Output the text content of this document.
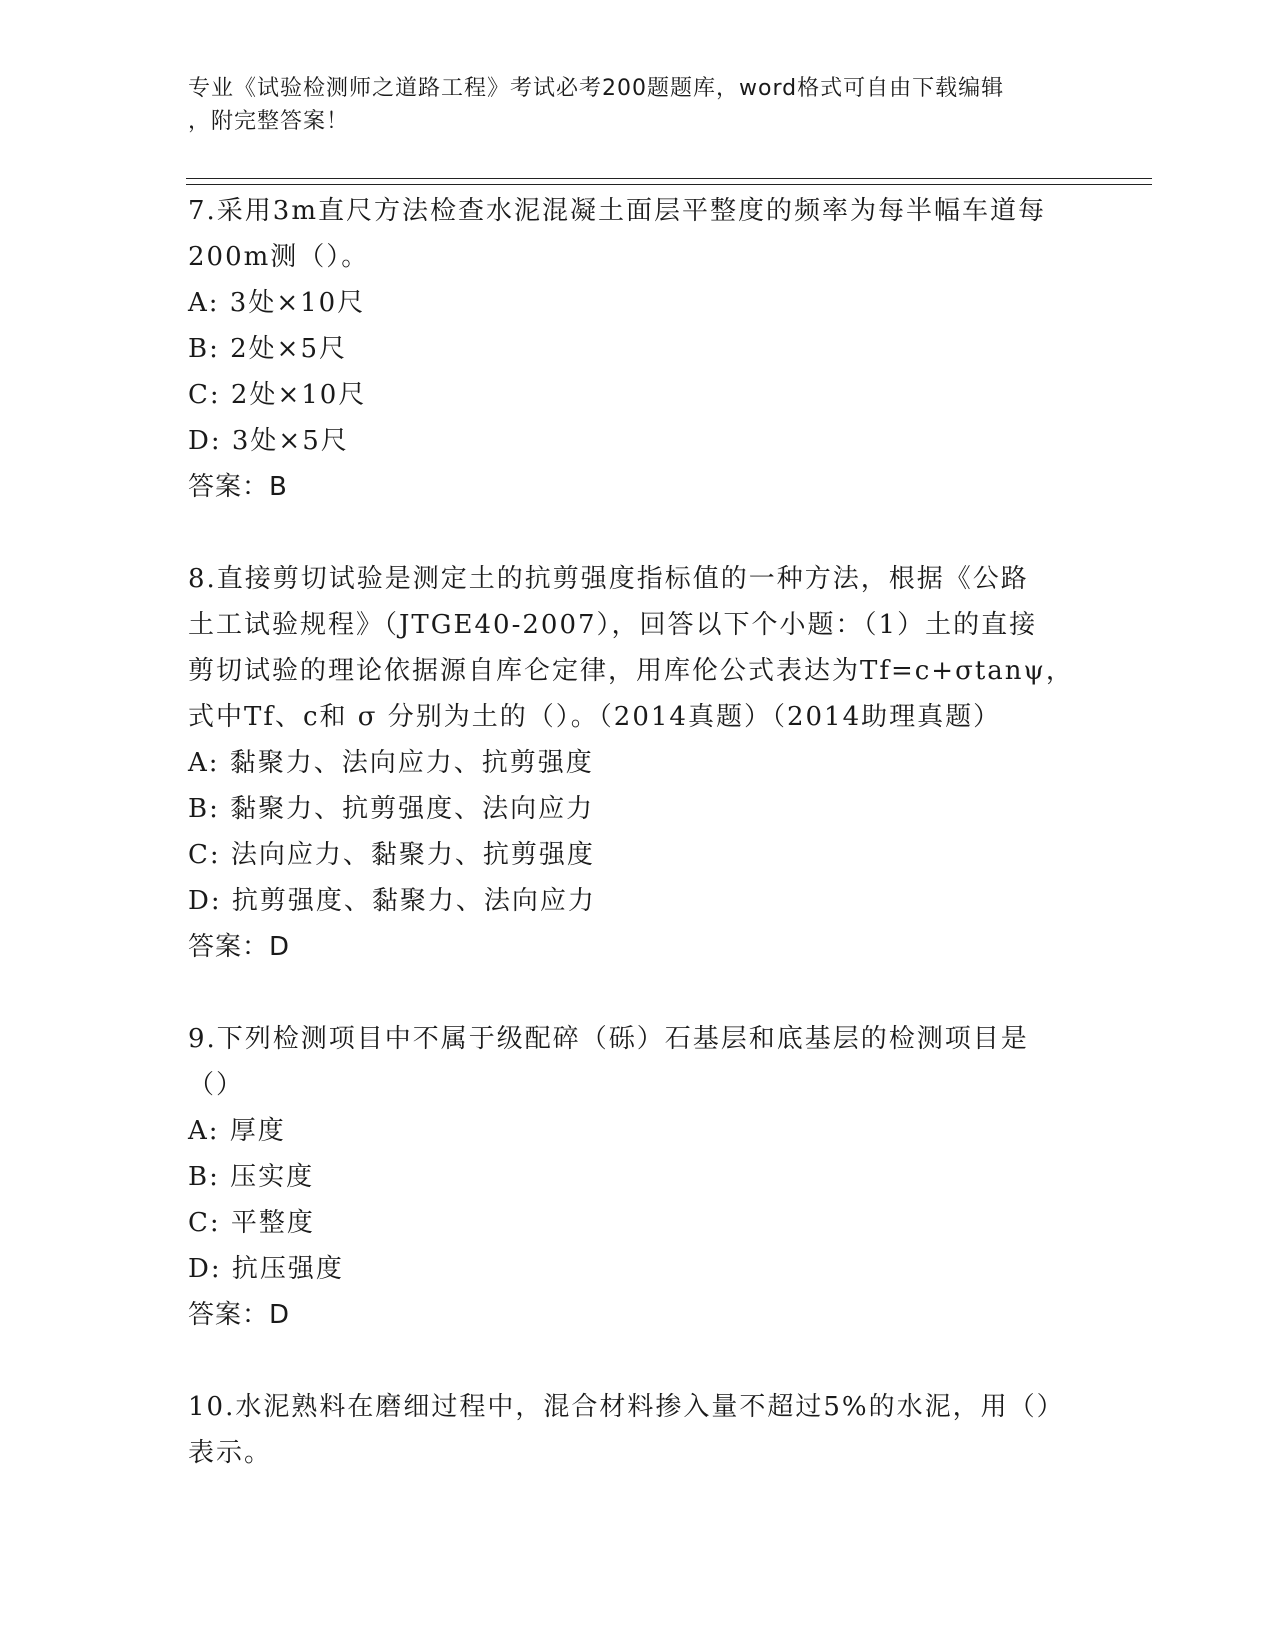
专业《试验检测师之道路工程》考试必考200题题库，word格式可自由下载编辑
，附完整答案！

7.采用3m直尺方法检查水泥混凝土面层平整度的频率为每半幅车道每

200m测（）。

A: 3处×10尺

B: 2处×5尺

C: 2处×10尺

D: 3处×5尺

答案：B

8.直接剪切试验是测定土的抗剪强度指标值的一种方法，根据《公路

土工试验规程》（JTGE40-2007），回答以下个小题：（1）土的直接

剪切试验的理论依据源自库仑定律，用库伦公式表达为Tf=c+σtanψ，

式中Tf、c和 σ 分别为土的（）。（2014真题）（2014助理真题）

A: 黏聚力、法向应力、抗剪强度

B: 黏聚力、抗剪强度、法向应力

C: 法向应力、黏聚力、抗剪强度

D: 抗剪强度、黏聚力、法向应力

答案：D

9.下列检测项目中不属于级配碎（砾）石基层和底基层的检测项目是

（）

A: 厚度

B: 压实度

C: 平整度

D: 抗压强度

答案：D

10.水泥熟料在磨细过程中，混合材料掺入量不超过5%的水泥，用（）

表示。
